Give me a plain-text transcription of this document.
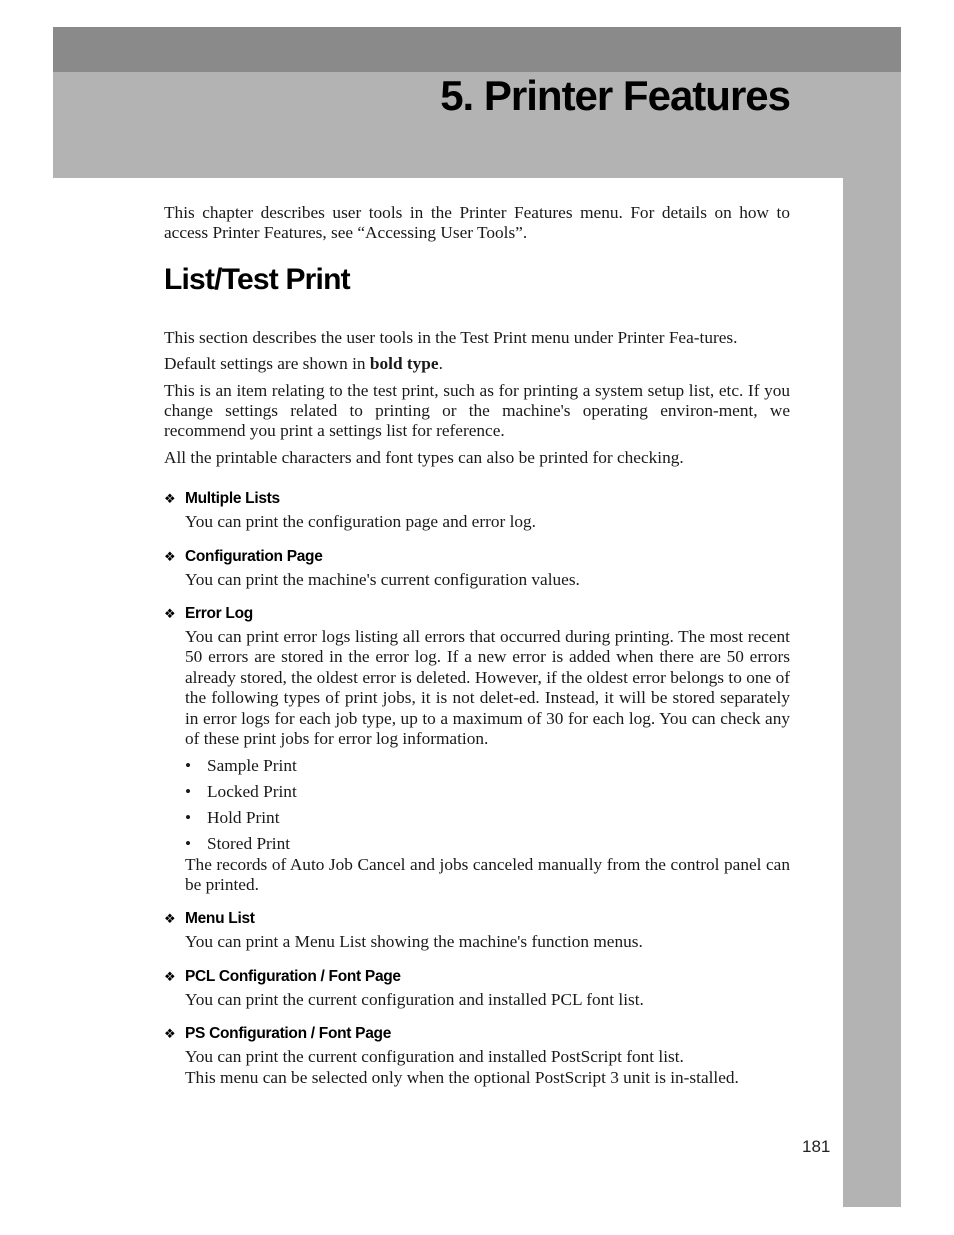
5. Printer Features

This chapter describes user tools in the Printer Features menu. For details on how to access Printer Features, see “Accessing User Tools”.

List/Test Print

This section describes the user tools in the Test Print menu under Printer Fea-tures.

Default settings are shown in bold type.

This is an item relating to the test print, such as for printing a system setup list, etc. If you change settings related to printing or the machine's operating environ-ment, we recommend you print a settings list for reference.

All the printable characters and font types can also be printed for checking.

❖ Multiple Lists

You can print the configuration page and error log.

❖ Configuration Page

You can print the machine's current configuration values.

❖ Error Log

You can print error logs listing all errors that occurred during printing. The most recent 50 errors are stored in the error log. If a new error is added when there are 50 errors already stored, the oldest error is deleted. However, if the oldest error belongs to one of the following types of print jobs, it is not delet-ed. Instead, it will be stored separately in error logs for each job type, up to a maximum of 30 for each log. You can check any of these print jobs for error log information.

• Sample Print
• Locked Print
• Hold Print
• Stored Print

The records of Auto Job Cancel and jobs canceled manually from the control panel can be printed.

❖ Menu List

You can print a Menu List showing the machine's function menus.

❖ PCL Configuration / Font Page

You can print the current configuration and installed PCL font list.

❖ PS Configuration / Font Page

You can print the current configuration and installed PostScript font list.

This menu can be selected only when the optional PostScript 3 unit is in-stalled.

181
